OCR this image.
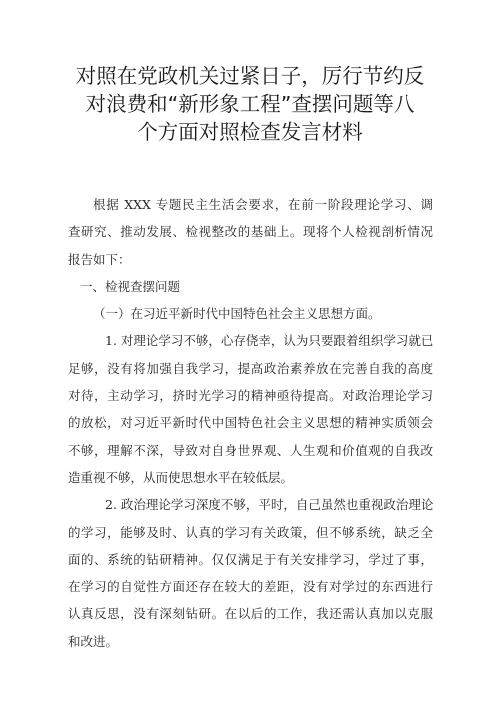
对照在党政机关过紧日子，厉行节约反
对浪费和“新形象工程”查摆问题等八
个方面对照检查发言材料
根据 XXX 专题民主生活会要求，在前一阶段理论学习、调
查研究、推动发展、检视整改的基础上。现将个人检视剖析情况
报告如下：
一、检视查摆问题
（一）在习近平新时代中国特色社会主义思想方面。
1. 对理论学习不够，心存侥幸，认为只要跟着组织学习就已
足够，没有将加强自我学习，提高政治素养放在完善自我的高度
对待，主动学习，挤时光学习的精神亟待提高。对政治理论学习
的放松，对习近平新时代中国特色社会主义思想的精神实质领会
不够，理解不深，导致对自身世界观、人生观和价值观的自我改
造重视不够，从而使思想水平在较低层。
2. 政治理论学习深度不够，平时，自己虽然也重视政治理论
的学习，能够及时、认真的学习有关政策，但不够系统，缺乏全
面的、系统的钻研精神。仅仅满足于有关安排学习，学过了事，
在学习的自觉性方面还存在较大的差距，没有对学过的东西进行
认真反思，没有深刻钻研。在以后的工作，我还需认真加以克服
和改进。
